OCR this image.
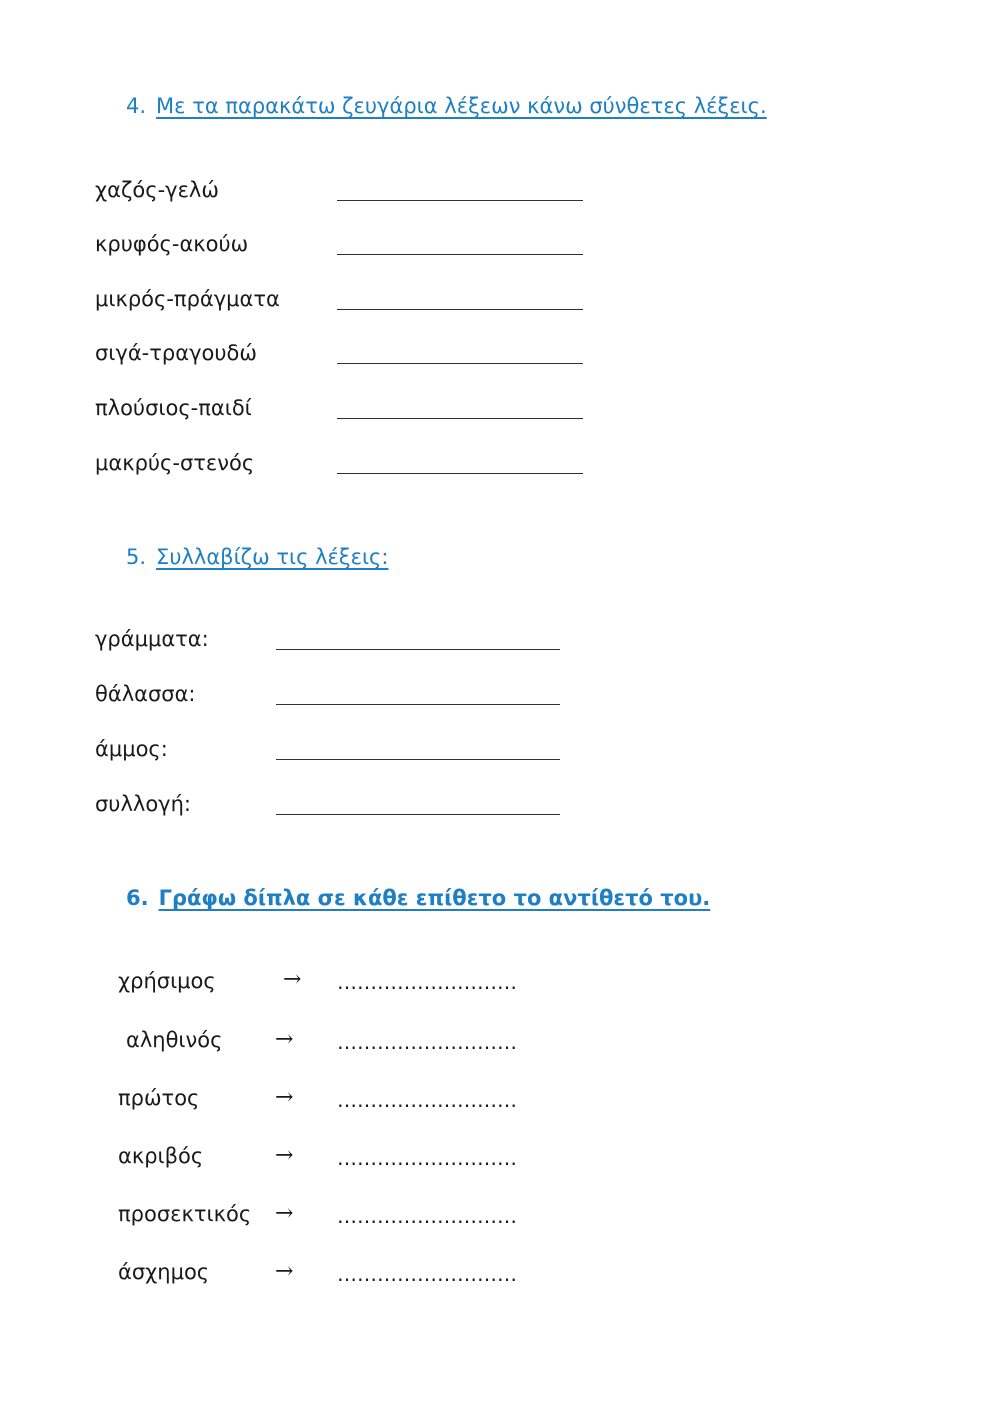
4. Με τα παρακάτω ζευγάρια λέξεων κάνω σύνθετες λέξεις.
χαζός-γελώ
κρυφός-ακούω
μικρός-πράγματα
σιγά-τραγουδώ
πλούσιος-παιδί
μακρύς-στενός
5. Συλλαβίζω τις λέξεις:
γράμματα:
θάλασσα:
άμμος:
συλλογή:
6. Γράφω δίπλα σε κάθε επίθετο το αντίθετό του.
χρήσιμος	→ ………………………
αληθινός → ………………………
πρώτος	→ ………………………
ακριβός	→ ………………………
προσεκτικός → ………………………
άσχημος	→ ………………………
